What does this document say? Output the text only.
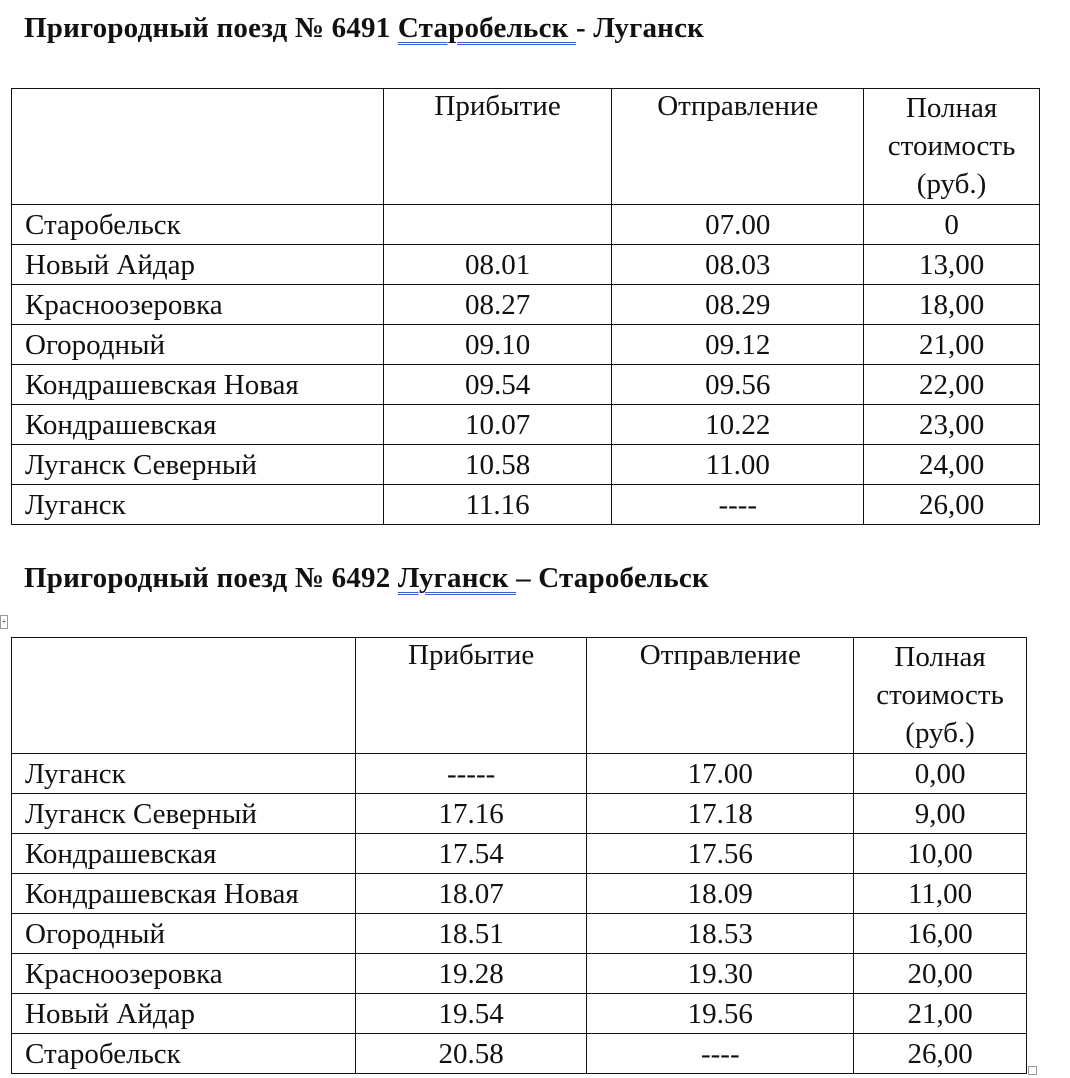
Пригородный поезд № 6491 Старобельск - Луганск
	Прибытие	Отправление	Полная стоимость (руб.)
Старобельск		07.00	0
Новый Айдар	08.01	08.03	13,00
Красноозеровка	08.27	08.29	18,00
Огородный	09.10	09.12	21,00
Кондрашевская Новая	09.54	09.56	22,00
Кондрашевская	10.07	10.22	23,00
Луганск Северный	10.58	11.00	24,00
Луганск	11.16	----	26,00
+
Пригородный поезд № 6492 Луганск – Старобельск
	Прибытие	Отправление	Полная стоимость (руб.)
Луганск	-----	17.00	0,00
Луганск Северный	17.16	17.18	9,00
Кондрашевская	17.54	17.56	10,00
Кондрашевская Новая	18.07	18.09	11,00
Огородный	18.51	18.53	16,00
Красноозеровка	19.28	19.30	20,00
Новый Айдар	19.54	19.56	21,00
Старобельск	20.58	----	26,00
